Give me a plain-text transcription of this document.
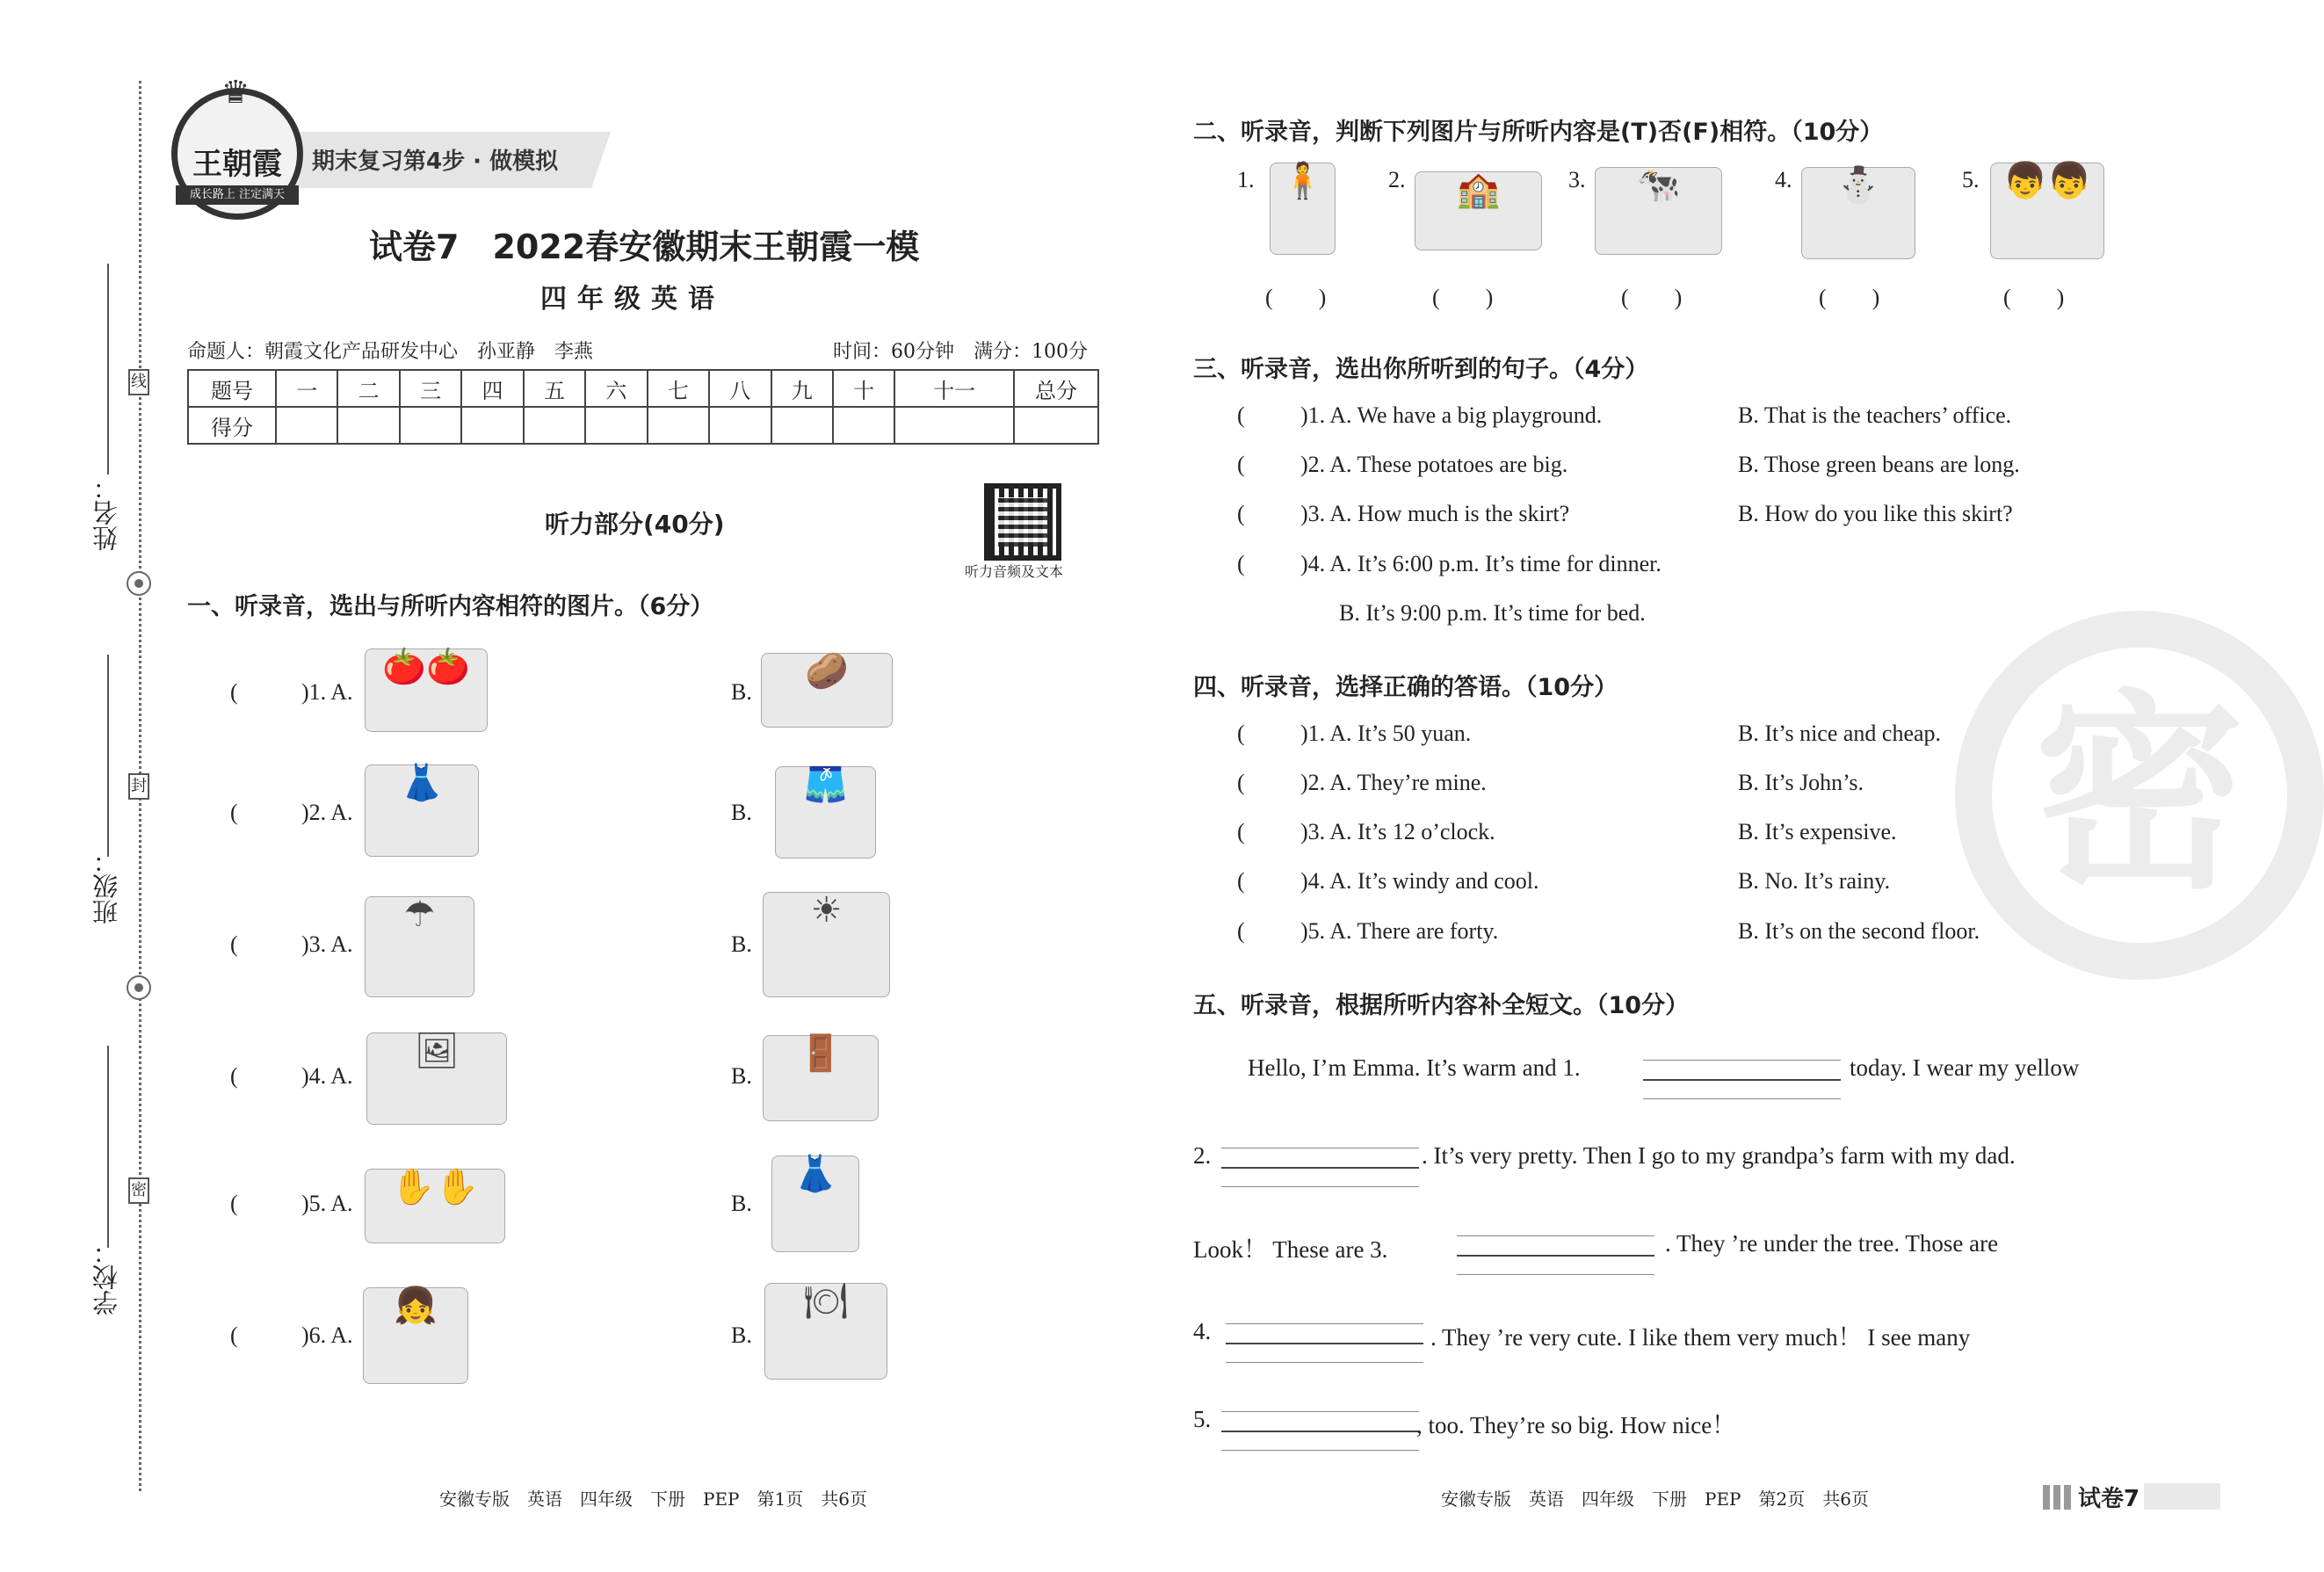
姓名：
班级：
学校：
线
封
密
期末复习第4步 · 做模拟
♛
王朝霞
成长路上 注定满天
试卷7　2022春安徽期末王朝霞一模
四年级英语
命题人：朝霞文化产品研发中心　孙亚静　李燕	时间：60分钟　满分：100分
题号	一	二	三	四	五	六	七	八	九	十	十一	总分
得分												
听力部分(40分)
听力音频及文本
一、听录音，选出与所听内容相符的图片。（6分）
(	)1. A.
🍅🍅
B.
🥔
(	)2. A.
👗
B.
🩳
(	)3. A.
☂
B.
☀
(	)4. A.
🖼
B.
🚪
(	)5. A.	✋✋	B.
👗
(	)6. A.
👧
B.
🍽
二、听录音，判断下列图片与所听内容是(T)否(F)相符。（10分）
1. 🧍
(　　)
2.	🏫
(　　)
3.	🐄
(　　)
4.	⛄
(　　)
5. 👦👦
(　　)
三、听录音，选出你所听到的句子。（4分）
( )1. A. We have a big playground.	B. That is the teachers’ office.
( )2. A. These potatoes are big.	B. Those green beans are long.
( )3. A. How much is the skirt?	B. How do you like this skirt?
( )4. A. It’s 6:00 p.m. It’s time for dinner.
B. It’s 9:00 p.m. It’s time for bed.
密
四、听录音，选择正确的答语。（10分）
( )1. A. It’s 50 yuan.	B. It’s nice and cheap.
( )2. A. They’re mine.	B. It’s John’s.
( )3. A. It’s 12 o’clock.	B. It’s expensive.
( )4. A. It’s windy and cool.	B. No. It’s rainy.
( )5. A. There are forty.	B. It’s on the second floor.
五、听录音，根据所听内容补全短文。（10分）
Hello, I’m Emma. It’s warm and 1.	today. I wear my yellow
2.	. It’s very pretty. Then I go to my grandpa’s farm with my dad.
Look！ These are 3.	. They ’re under the tree. Those are
4.	. They ’re very cute. I like them very much！ I see many
5.	, too. They’re so big. How nice！
安徽专版　英语　四年级　下册　PEP　第1页　共6页	安徽专版　英语　四年级　下册　PEP　第2页　共6页	试卷7
